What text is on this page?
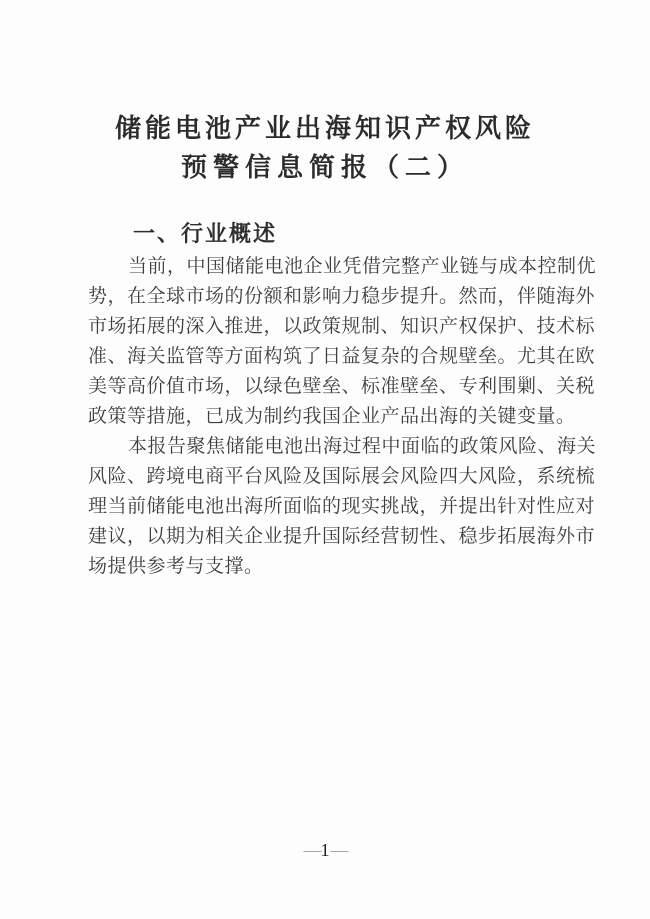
储能电池产业出海知识产权风险
预警信息简报（二）
一、行业概述
当前，中国储能电池企业凭借完整产业链与成本控制优
势，在全球市场的份额和影响力稳步提升。然而，伴随海外
市场拓展的深入推进，以政策规制、知识产权保护、技术标
准、海关监管等方面构筑了日益复杂的合规壁垒。尤其在欧
美等高价值市场，以绿色壁垒、标准壁垒、专利围剿、关税
政策等措施，已成为制约我国企业产品出海的关键变量。
本报告聚焦储能电池出海过程中面临的政策风险、海关
风险、跨境电商平台风险及国际展会风险四大风险，系统梳
理当前储能电池出海所面临的现实挑战，并提出针对性应对
建议，以期为相关企业提升国际经营韧性、稳步拓展海外市
场提供参考与支撑。
—1—
